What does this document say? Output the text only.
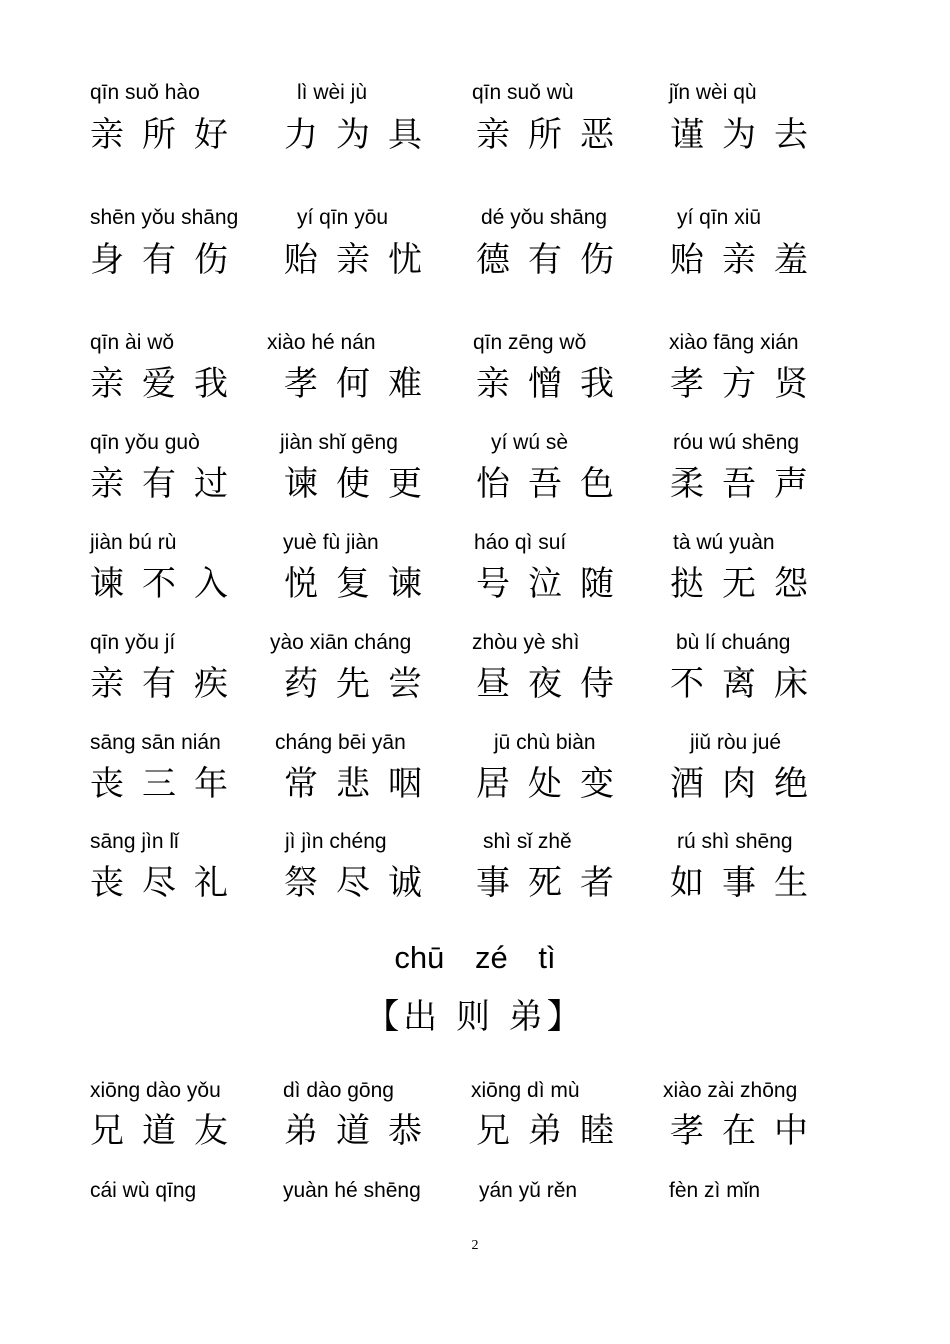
qīn suǒ hào	lì wèi jù	qīn suǒ wù	jǐn wèi qù
亲所好 力为具 亲所恶 谨为去
shēn yǒu shāng	yí qīn yōu	dé yǒu shāng	yí qīn xiū
身有伤 贻亲忧 德有伤 贻亲羞
qīn ài wǒ	xiào hé nán	qīn zēng wǒ	xiào fāng xián
亲爱我 孝何难 亲憎我 孝方贤
qīn yǒu guò	jiàn shǐ gēng	yí wú sè	róu wú shēng
亲有过 谏使更 怡吾色 柔吾声
jiàn bú rù	yuè fù jiàn	háo qì suí	tà wú yuàn
谏不入 悦复谏 号泣随 挞无怨
qīn yǒu jí	yào xiān cháng	zhòu yè shì	bù lí chuáng
亲有疾 药先尝 昼夜侍 不离床
sāng sān nián	cháng bēi yān	jū chù biàn	jiǔ ròu jué
丧三年 常悲咽 居处变 酒肉绝
sāng jìn lǐ	jì jìn chéng	shì sǐ zhě	rú shì shēng
丧尽礼 祭尽诚 事死者 如事生
chū zé tì
【出 则 弟】
xiōng dào yǒu	dì dào gōng	xiōng dì mù	xiào zài zhōng
兄道友 弟道恭 兄弟睦 孝在中
cái wù qīng	yuàn hé shēng	yán yǔ rěn	fèn zì mǐn
2
